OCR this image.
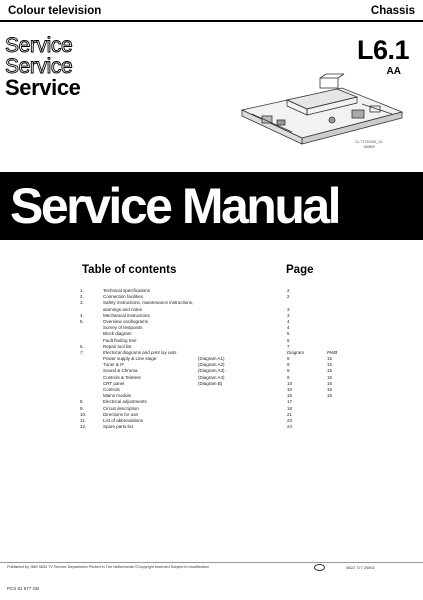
Colour television	Chassis
Service
Service
Service
L6.1
AA
CL 77722040_1/1
190899
Service Manual
Table of contents	Page
1.	Technical specifications	2
2.	Connection facilities	2
3.	Safety instructions, maintenance instructions,
warnings and notes	3
4.	Mechanical instructions	3
5.	Overview oscillograms	4
Survey of testpoints	4
Block diagram	5
Fault finding tree	6
6.	Repair tool list	7
7.	Electrical diagrams and print lay outs	Diagram	PWB
Power supply & Line stage	(Diagram A1)	9	15
Tuner & IF	(Diagram A2)	9	15
Sound & Chroma	(Diagram A3)	9	15
Controls & Teletext	(Diagram A4)	9	15
CRT panel	(Diagram B)	10	16
Controls	10	16
Mains module	16	16
8.	Electrical adjustments	17
9.	Circuit description	18
10.	Directions for use	21
11.	List of abbreviations	23
12.	Spare parts list	24
Published by JNM 9833 TV Service Department Printed in The Netherlands ©Copyright reserved Subject to modification	4822 727 20801
PCS 81 877 GB
